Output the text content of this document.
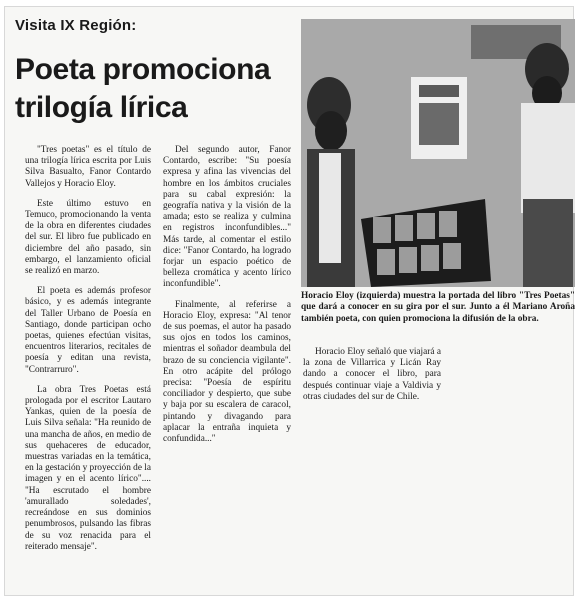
Visita IX Región:
Poeta promociona trilogía lírica

"Tres poetas" es el título de una trilogía lírica escrita por Luis Silva Basualto, Fanor Contardo Vallejos y Horacio Eloy.

Este último estuvo en Temuco, promocionando la venta de la obra en diferentes ciudades del sur. El libro fue publicado en diciembre del año pasado, sin embargo, el lanzamiento oficial se realizó en marzo.

El poeta es además profesor básico, y es además integrante del Taller Urbano de Poesía en Santiago, donde participan ocho poetas, quienes efectúan visitas, encuentros literarios, recitales de poesía y editan una revista, "Contrarruro".

La obra Tres Poetas está prologada por el escritor Lautaro Yankas, quien de la poesía de Luis Silva señala: "Ha reunido de una mancha de años, en medio de sus quehaceres de educador, muestras variadas en la temática, en la gestación y proyección de la imagen y en el acento lírico".... "Ha escrutado el hombre 'amurallado soledades', recreándose en sus dominios penumbrosos, pulsando las fibras de su voz renacida para el reiterado mensaje".

Del segundo autor, Fanor Contardo, escribe: "Su poesía expresa y afina las vivencias del hombre en los ámbitos cruciales para su cabal expresión: la geografía nativa y la visión de la amada; esto se realiza y culmina en registros inconfundibles..." Más tarde, al comentar el estilo dice: "Fanor Contardo, ha logrado forjar un espacio poético de belleza cromática y acento lírico inconfundible".

Finalmente, al referirse a Horacio Eloy, expresa: "Al tenor de sus poemas, el autor ha pasado sus ojos en todos los caminos, mientras el soñador deambula del brazo de su conciencia vigilante". En otro acápite del prólogo precisa: "Poesía de espíritu conciliador y despierto, que sube y baja por su escalera de caracol, pintando y divagando para aplacar la entraña inquieta y confundida..."

Horacio Eloy (izquierda) muestra la portada del libro "Tres Poetas" que dará a conocer en su gira por el sur. Junto a él Mariano Aroña también poeta, con quien promociona la difusión de la obra.

Horacio Eloy señaló que viajará a la zona de Villarrica y Licán Ray dando a conocer el libro, para después continuar viaje a Valdivia y otras ciudades del sur de Chile.
